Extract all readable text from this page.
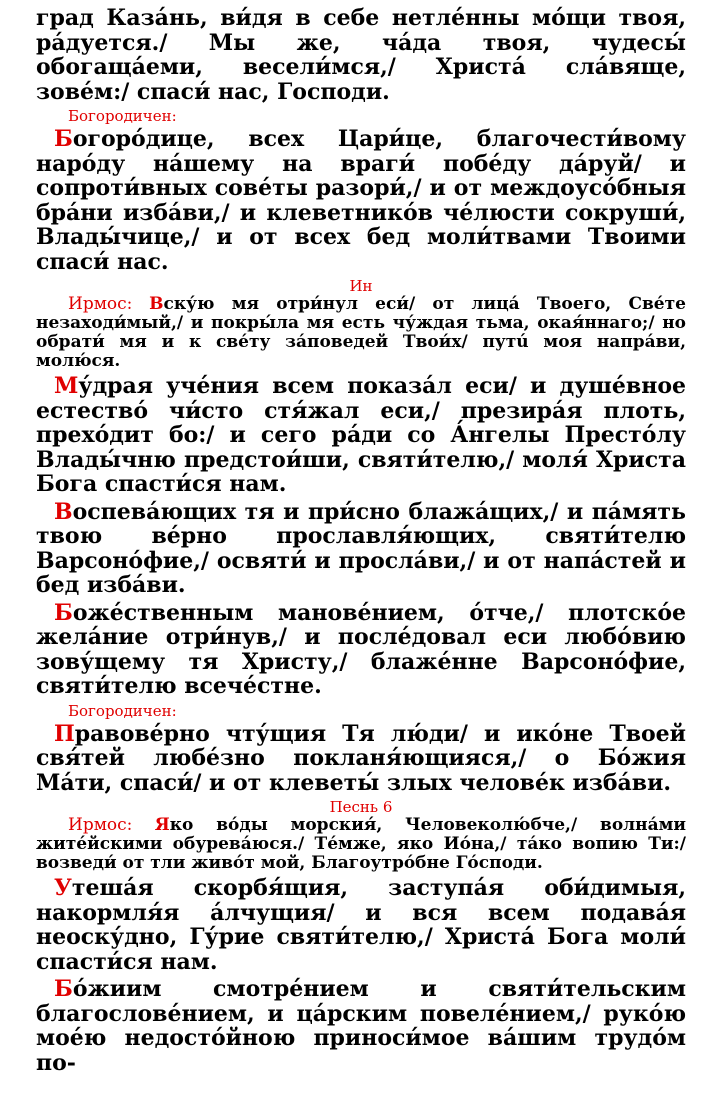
град Каза́нь, ви́дя в себе нетле́нны мо́щи твоя, ра́дуется./ Мы же, ча́да твоя, чудесы́ обогаща́еми, весели́мся,/ Христа́ сла́вяще, зове́м:/ спаси́ нас, Господи.

Богородичен:

Богоро́дице, всех Цари́це, благочести́вому наро́ду на́шему на враги́ побе́ду да́руй/ и сопроти́вных сове́ты разори́,/ и от междоусо́бныя бра́ни изба́ви,/ и клеветнико́в че́люсти сокруши́, Влады́чице,/ и от всех бед моли́твами Твоими спаси́ нас.

Ин

Ирмос: Вску́ю мя отри́нул еси́/ от лица́ Твоего, Све́те незаходи́мый,/ и покры́ла мя есть чу́ждая тьма, окая́ннаго;/ но обрати́ мя и к све́ту за́поведей Твои́х/ путú моя напра́ви, молю́ся.

Му́драя уче́ния всем показа́л еси/ и душе́вное естество́ чи́сто стя́жал еси,/ презира́я плоть, прехо́дит бо:/ и сего ра́ди со А́нгелы Престо́лу Влады́чню предстои́ши, святи́телю,/ моля́ Христа Бога спасти́ся нам.

Воспева́ющих тя и при́сно блажа́щих,/ и па́мять твою ве́рно прославля́ющих, святи́телю Варсоно́фие,/ освяти́ и просла́ви,/ и от напа́стей и бед изба́ви.

Боже́ственным манове́нием, о́тче,/ плотско́е жела́ние отри́нув,/ и после́довал еси любо́вию зову́щему тя Христу,/ блаже́нне Варсоно́фие, святи́телю всече́стне.

Богородичен:

Правове́рно чту́щия Тя лю́ди/ и ико́не Твоей свя́тей любе́зно покланя́ющияся,/ о Бо́жия Ма́ти, спаси́/ и от клеветы́ злых челове́к изба́ви.

Песнь 6

Ирмос: Яко во́ды морския́, Человеколю́бче,/ волна́ми жите́йскими обурева́юся./ Те́мже, яко Ио́на,/ та́ко вопию Ти:/ возведи́ от тли живо́т мой, Благоутро́бне Го́споди.

Утеша́я скорбя́щия, заступа́я оби́димыя, накормля́я а́лчущия/ и вся всем подава́я неоску́дно, Гу́рие святи́телю,/ Христа́ Бога моли́ спасти́ся нам.

Бо́жиим смотре́нием и святи́тельским благослове́нием, и ца́рским повеле́нием,/ руко́ю мое́ю недосто́йною приноси́мое ва́шим трудо́м по-
